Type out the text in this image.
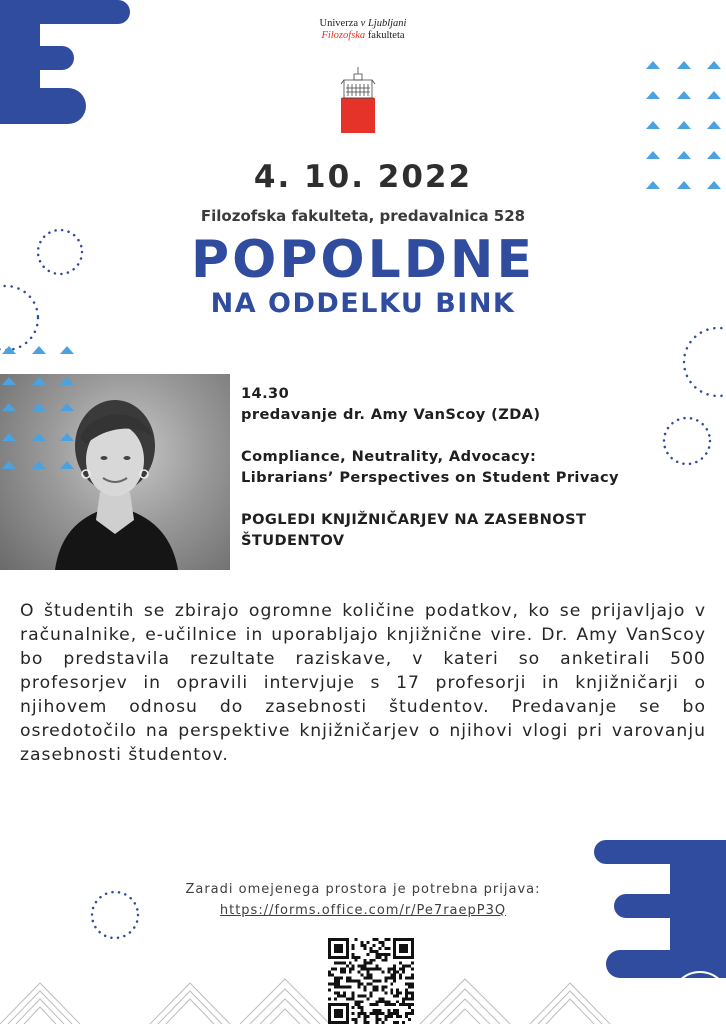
Univerza v Ljubljani
Filozofska fakulteta
4. 10. 2022
Filozofska fakulteta, predavalnica 528
POPOLDNE
NA ODDELKU BINK
14.30
predavanje dr. Amy VanScoy (ZDA)
Compliance, Neutrality, Advocacy:
Librarians’ Perspectives on Student Privacy
POGLEDI KNJIŽNIČARJEV NA ZASEBNOST
ŠTUDENTOV
O študentih se zbirajo ogromne količine podatkov, ko se prijavljajo v računalnike, e-učilnice in uporabljajo knjižnične vire. Dr. Amy VanScoy bo predstavila rezultate raziskave, v kateri so anketirali 500 profesorjev in opravili intervjuje s 17 profesorji in knjižničarji o njihovem odnosu do zasebnosti študentov. Predavanje se bo osredotočilo na perspektive knjižničarjev o njihovi vlogi pri varovanju zasebnosti študentov.
Zaradi omejenega prostora je potrebna prijava:
https://forms.office.com/r/Pe7raepP3Q
